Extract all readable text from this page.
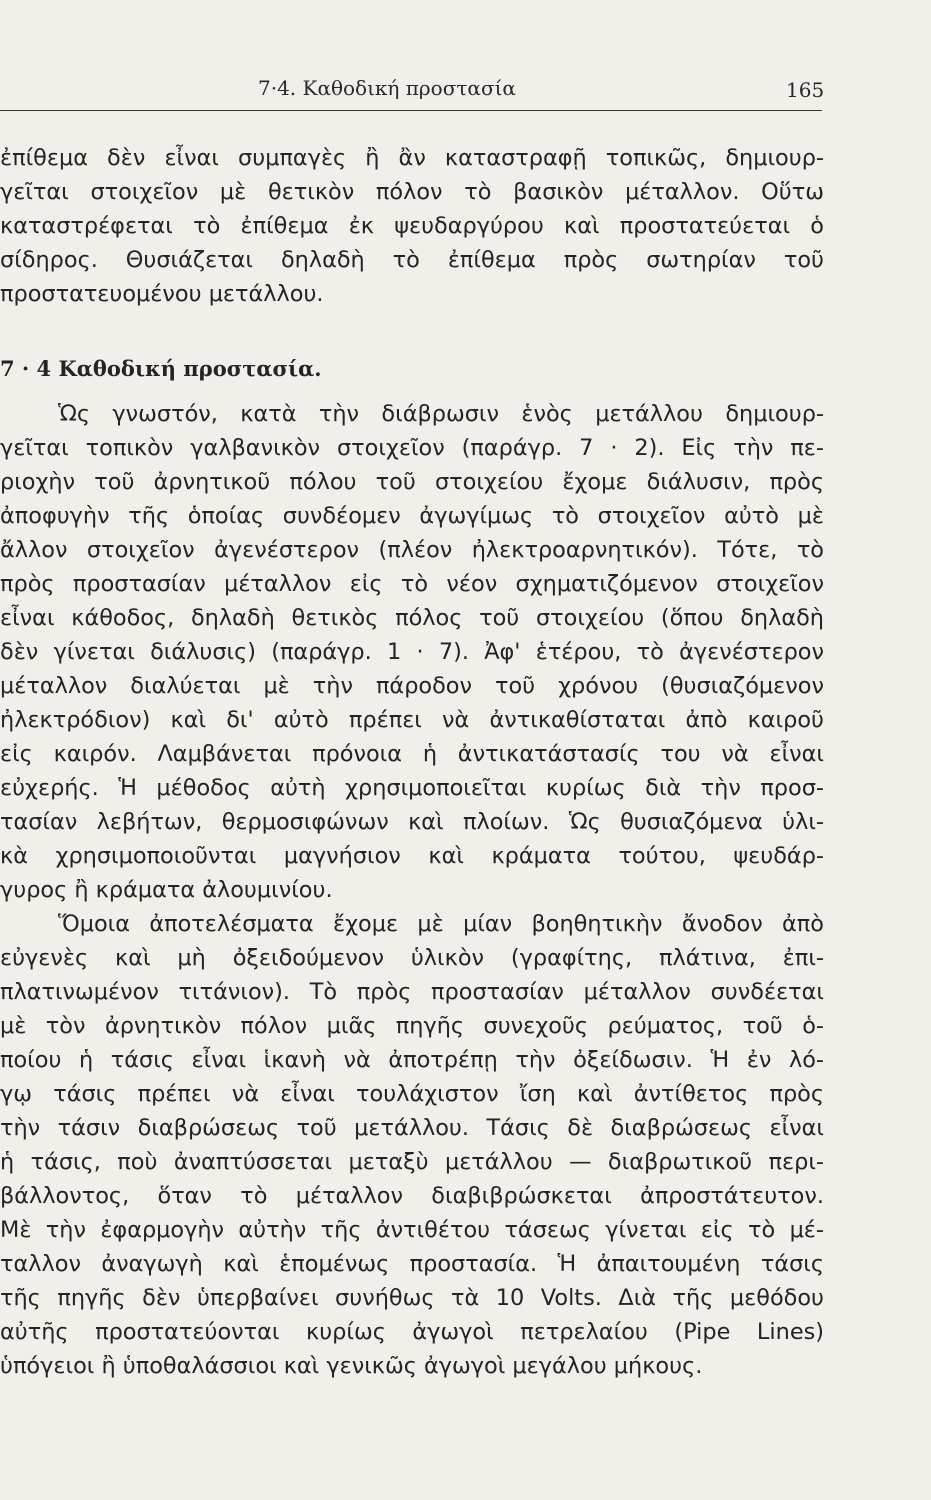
7·4. Καθοδική προστασία	165
ἐπίθεμα δὲν εἶναι συμπαγὲς ἢ ἂν καταστραφῇ τοπικῶς, δημιουρ-
γεῖται στοιχεῖον μὲ θετικὸν πόλον τὸ βασικὸν μέταλλον. Οὕτω
καταστρέφεται τὸ ἐπίθεμα ἐκ ψευδαργύρου καὶ προστατεύεται ὁ
σίδηρος. Θυσιάζεται δηλαδὴ τὸ ἐπίθεμα πρὸς σωτηρίαν τοῦ
προστατευομένου μετάλλου.
7 · 4 Καθοδική προστασία.
Ὡς γνωστόν, κατὰ τὴν διάβρωσιν ἑνὸς μετάλλου δημιουρ-
γεῖται τοπικὸν γαλβανικὸν στοιχεῖον (παράγρ. 7 · 2). Εἰς τὴν πε-
ριοχὴν τοῦ ἀρνητικοῦ πόλου τοῦ στοιχείου ἔχομε διάλυσιν, πρὸς
ἀποφυγὴν τῆς ὁποίας συνδέομεν ἀγωγίμως τὸ στοιχεῖον αὐτὸ μὲ
ἄλλον στοιχεῖον ἀγενέστερον (πλέον ἠλεκτροαρνητικόν). Τότε, τὸ
πρὸς προστασίαν μέταλλον εἰς τὸ νέον σχηματιζόμενον στοιχεῖον
εἶναι κάθοδος, δηλαδὴ θετικὸς πόλος τοῦ στοιχείου (ὅπου δηλαδὴ
δὲν γίνεται διάλυσις) (παράγρ. 1 · 7). Ἀφ' ἑτέρου, τὸ ἀγενέστερον
μέταλλον διαλύεται μὲ τὴν πάροδον τοῦ χρόνου (θυσιαζόμενον
ἠλεκτρόδιον) καὶ δι' αὐτὸ πρέπει νὰ ἀντικαθίσταται ἀπὸ καιροῦ
εἰς καιρόν. Λαμβάνεται πρόνοια ἡ ἀντικατάστασίς του νὰ εἶναι
εὐχερής. Ἡ μέθοδος αὐτὴ χρησιμοποιεῖται κυρίως διὰ τὴν προσ-
τασίαν λεβήτων, θερμοσιφώνων καὶ πλοίων. Ὡς θυσιαζόμενα ὑλι-
κὰ χρησιμοποιοῦνται μαγνήσιον καὶ κράματα τούτου, ψευδάρ-
γυρος ἢ κράματα ἀλουμινίου.
Ὅμοια ἀποτελέσματα ἔχομε μὲ μίαν βοηθητικὴν ἄνοδον ἀπὸ
εὐγενὲς καὶ μὴ ὀξειδούμενον ὑλικὸν (γραφίτης, πλάτινα, ἐπι-
πλατινωμένον τιτάνιον). Τὸ πρὸς προστασίαν μέταλλον συνδέεται
μὲ τὸν ἀρνητικὸν πόλον μιᾶς πηγῆς συνεχοῦς ρεύματος, τοῦ ὁ-
ποίου ἡ τάσις εἶναι ἱκανὴ νὰ ἀποτρέπῃ τὴν ὀξείδωσιν. Ἡ ἐν λό-
γῳ τάσις πρέπει νὰ εἶναι τουλάχιστον ἴση καὶ ἀντίθετος πρὸς
τὴν τάσιν διαβρώσεως τοῦ μετάλλου. Τάσις δὲ διαβρώσεως εἶναι
ἡ τάσις, ποὺ ἀναπτύσσεται μεταξὺ μετάλλου — διαβρωτικοῦ περι-
βάλλοντος, ὅταν τὸ μέταλλον διαβιβρώσκεται ἀπροστάτευτον.
Μὲ τὴν ἐφαρμογὴν αὐτὴν τῆς ἀντιθέτου τάσεως γίνεται εἰς τὸ μέ-
ταλλον ἀναγωγὴ καὶ ἑπομένως προστασία. Ἡ ἀπαιτουμένη τάσις
τῆς πηγῆς δὲν ὑπερβαίνει συνήθως τὰ 10 Volts. Διὰ τῆς μεθόδου
αὐτῆς προστατεύονται κυρίως ἀγωγοὶ πετρελαίου (Pipe Lines)
ὑπόγειοι ἢ ὑποθαλάσσιοι καὶ γενικῶς ἀγωγοὶ μεγάλου μήκους.
